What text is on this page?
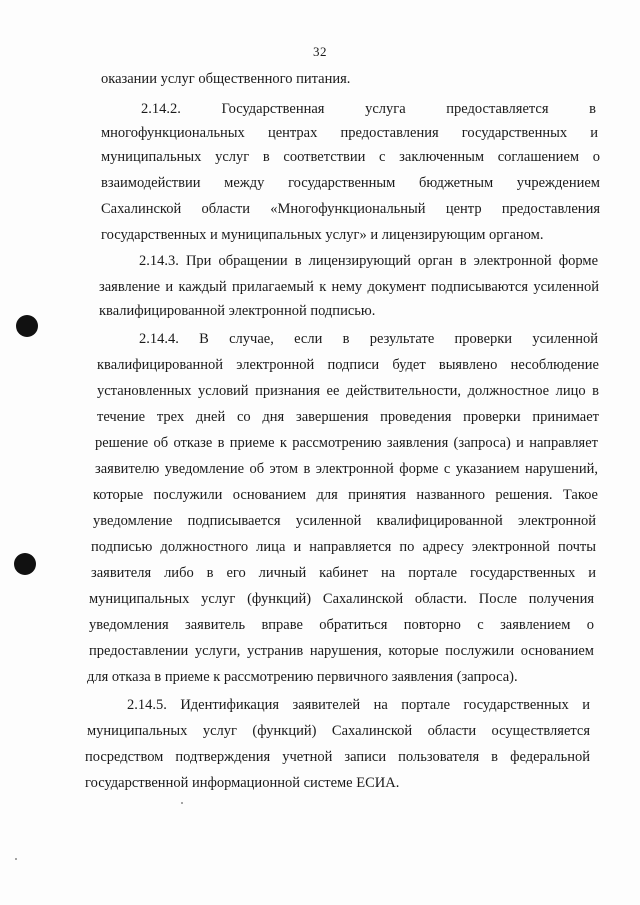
32
оказании услуг общественного питания.
2.14.2. Государственная услуга предоставляется в
многофункциональных центрах предоставления государственных и
муниципальных услуг в соответствии с заключенным соглашением о
взаимодействии между государственным бюджетным учреждением
Сахалинской области «Многофункциональный центр предоставления
государственных и муниципальных услуг» и лицензирующим органом.
2.14.3. При обращении в лицензирующий орган в электронной форме
заявление и каждый прилагаемый к нему документ подписываются усиленной
квалифицированной электронной подписью.
2.14.4. В случае, если в результате проверки усиленной
квалифицированной электронной подписи будет выявлено несоблюдение
установленных условий признания ее действительности, должностное лицо в
течение трех дней со дня завершения проведения проверки принимает
решение об отказе в приеме к рассмотрению заявления (запроса) и направляет
заявителю уведомление об этом в электронной форме с указанием нарушений,
которые послужили основанием для принятия названного решения. Такое
уведомление подписывается усиленной квалифицированной электронной
подписью должностного лица и направляется по адресу электронной почты
заявителя либо в его личный кабинет на портале государственных и
муниципальных услуг (функций) Сахалинской области. После получения
уведомления заявитель вправе обратиться повторно с заявлением о
предоставлении услуги, устранив нарушения, которые послужили основанием
для отказа в приеме к рассмотрению первичного заявления (запроса).
2.14.5. Идентификация заявителей на портале государственных и
муниципальных услуг (функций) Сахалинской области осуществляется
посредством подтверждения учетной записи пользователя в федеральной
государственной информационной системе ЕСИА.
